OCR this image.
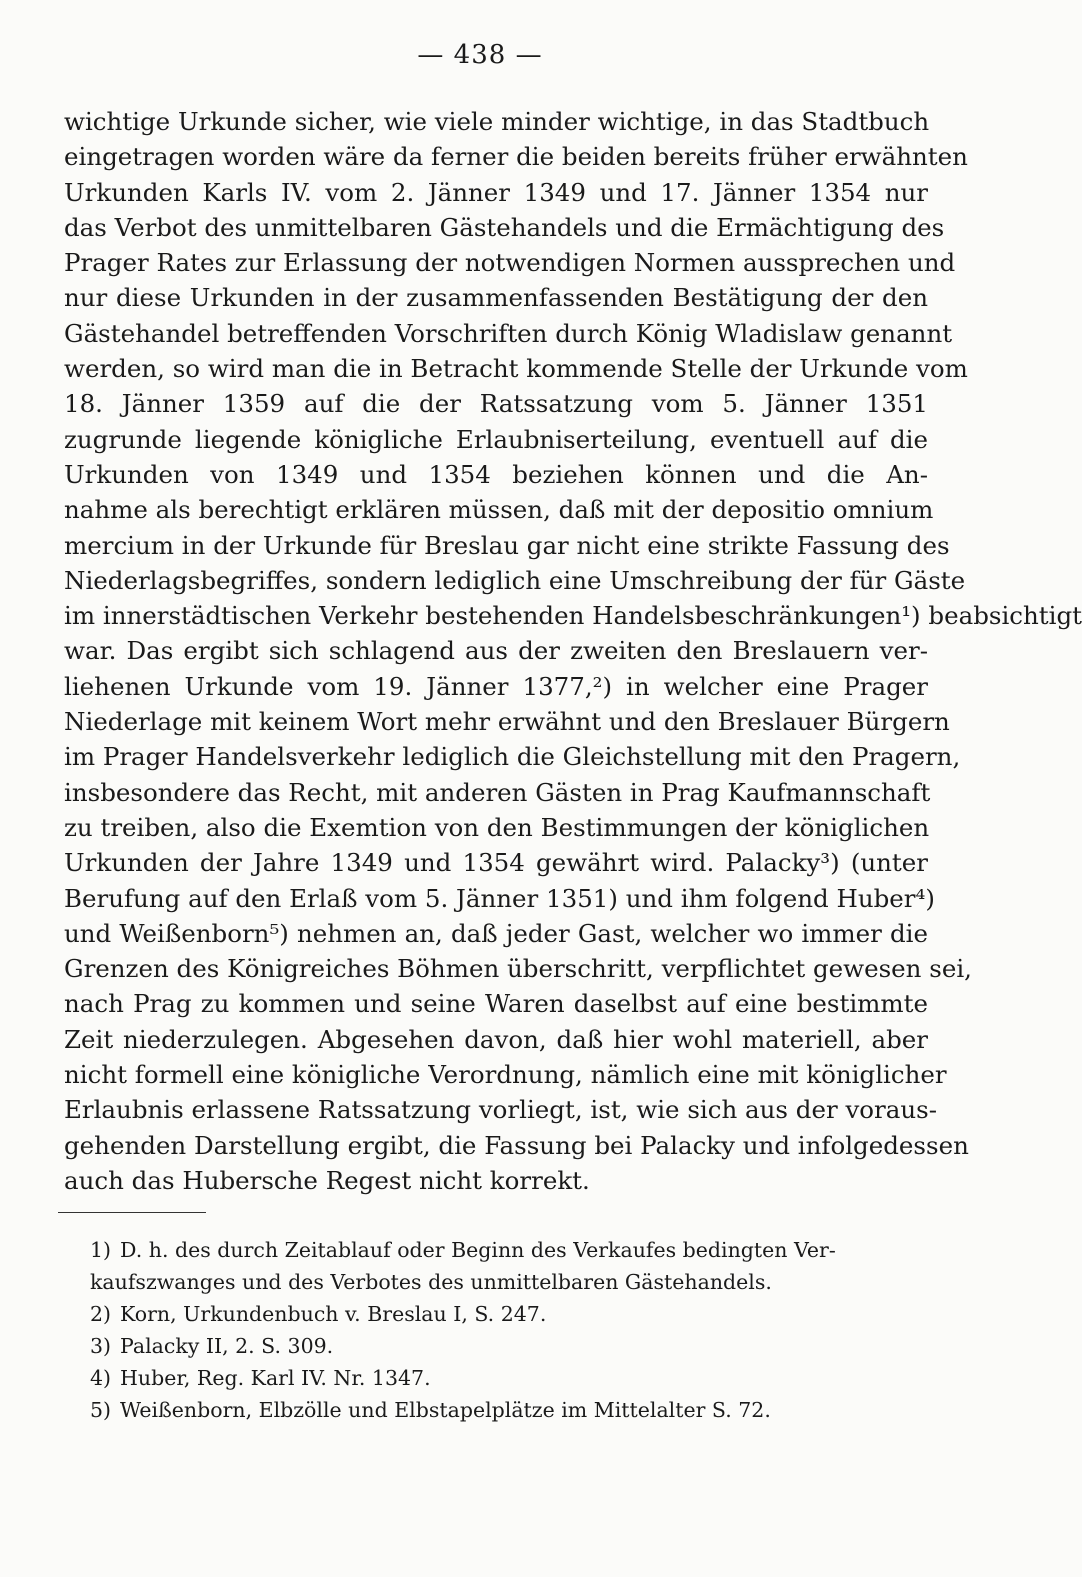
— 438 —
wichtige Urkunde sicher, wie viele minder wichtige, in das Stadtbuch
eingetragen worden wäre da ferner die beiden bereits früher erwähnten
Urkunden Karls IV. vom 2. Jänner 1349 und 17. Jänner 1354 nur
das Verbot des unmittelbaren Gästehandels und die Ermächtigung des
Prager Rates zur Erlassung der notwendigen Normen aussprechen und
nur diese Urkunden in der zusammenfassenden Bestätigung der den
Gästehandel betreffenden Vorschriften durch König Wladislaw genannt
werden, so wird man die in Betracht kommende Stelle der Urkunde vom
18. Jänner 1359 auf die der Ratssatzung vom 5. Jänner 1351
zugrunde liegende königliche Erlaubniserteilung, eventuell auf die
Urkunden von 1349 und 1354 beziehen können und die An-
nahme als berechtigt erklären müssen, daß mit der depositio omnium
mercium in der Urkunde für Breslau gar nicht eine strikte Fassung des
Niederlagsbegriffes, sondern lediglich eine Umschreibung der für Gäste
im innerstädtischen Verkehr bestehenden Handelsbeschränkungen¹) beabsichtigt
war. Das ergibt sich schlagend aus der zweiten den Breslauern ver-
liehenen Urkunde vom 19. Jänner 1377,²) in welcher eine Prager
Niederlage mit keinem Wort mehr erwähnt und den Breslauer Bürgern
im Prager Handelsverkehr lediglich die Gleichstellung mit den Pragern,
insbesondere das Recht, mit anderen Gästen in Prag Kaufmannschaft
zu treiben, also die Exemtion von den Bestimmungen der königlichen
Urkunden der Jahre 1349 und 1354 gewährt wird. Palacky³) (unter
Berufung auf den Erlaß vom 5. Jänner 1351) und ihm folgend Huber⁴)
und Weißenborn⁵) nehmen an, daß jeder Gast, welcher wo immer die
Grenzen des Königreiches Böhmen überschritt, verpflichtet gewesen sei,
nach Prag zu kommen und seine Waren daselbst auf eine bestimmte
Zeit niederzulegen. Abgesehen davon, daß hier wohl materiell, aber
nicht formell eine königliche Verordnung, nämlich eine mit königlicher
Erlaubnis erlassene Ratssatzung vorliegt, ist, wie sich aus der voraus-
gehenden Darstellung ergibt, die Fassung bei Palacky und infolgedessen
auch das Hubersche Regest nicht korrekt.
1) D. h. des durch Zeitablauf oder Beginn des Verkaufes bedingten Ver-
kaufszwanges und des Verbotes des unmittelbaren Gästehandels.
2) Korn, Urkundenbuch v. Breslau I, S. 247.
3) Palacky II, 2. S. 309.
4) Huber, Reg. Karl IV. Nr. 1347.
5) Weißenborn, Elbzölle und Elbstapelplätze im Mittelalter S. 72.
